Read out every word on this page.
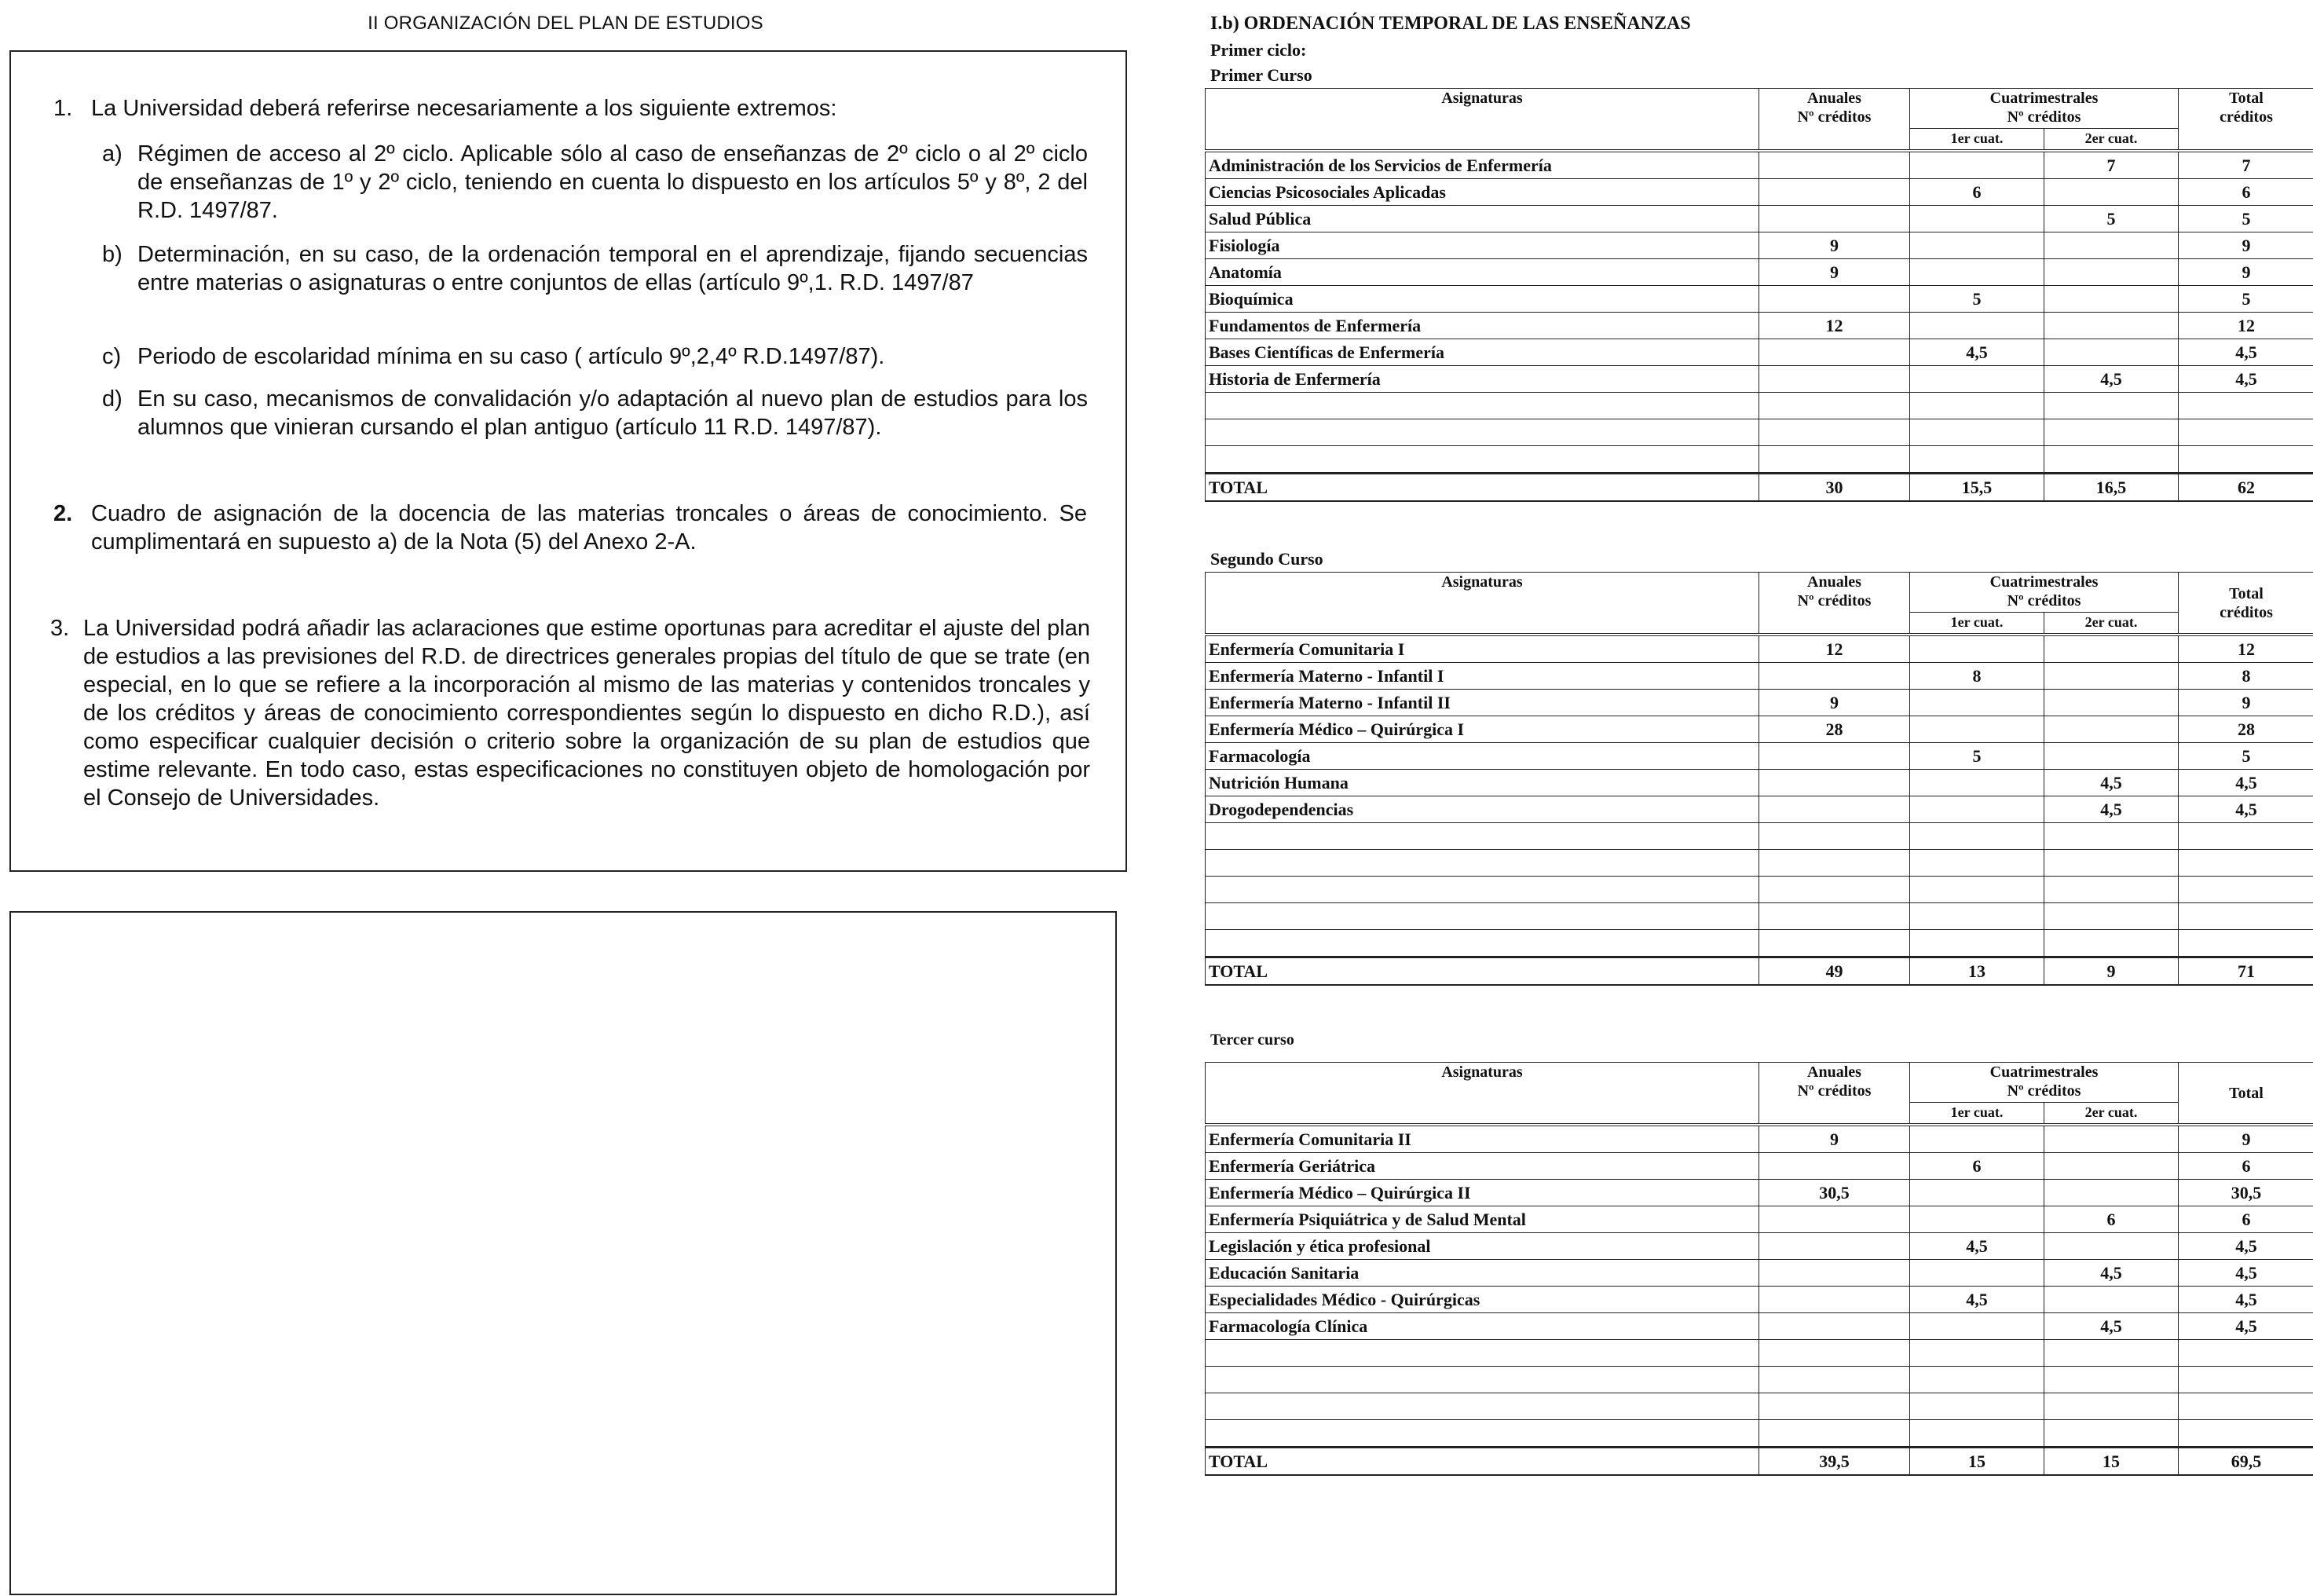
II ORGANIZACIÓN DEL PLAN DE ESTUDIOS
1. La Universidad deberá referirse necesariamente a los siguiente extremos:
a) Régimen de acceso al 2º ciclo. Aplicable sólo al caso de enseñanzas de 2º ciclo o al 2º ciclo de enseñanzas de 1º y 2º ciclo, teniendo en cuenta lo dispuesto en los artículos 5º y 8º, 2 del R.D. 1497/87.
b) Determinación, en su caso, de la ordenación temporal en el aprendizaje, fijando secuencias entre materias o asignaturas o entre conjuntos de ellas (artículo 9º,1. R.D. 1497/87
c) Periodo de escolaridad mínima en su caso ( artículo 9º,2,4º R.D.1497/87).
d) En su caso, mecanismos de convalidación y/o adaptación al nuevo plan de estudios para los alumnos que vinieran cursando el plan antiguo (artículo 11 R.D. 1497/87).
2. Cuadro de asignación de la docencia de las materias troncales o áreas de conocimiento. Se cumplimentará en supuesto a) de la Nota (5) del Anexo 2-A.
3. La Universidad podrá añadir las aclaraciones que estime oportunas para acreditar el ajuste del plan de estudios a las previsiones del R.D. de directrices generales propias del título de que se trate (en especial, en lo que se refiere a la incorporación al mismo de las materias y contenidos troncales y de los créditos y áreas de conocimiento correspondientes según lo dispuesto en dicho R.D.), así como especificar cualquier decisión o criterio sobre la organización de su plan de estudios que estime relevante. En todo caso, estas especificaciones no constituyen objeto de homologación por el Consejo de Universidades.
I.b) ORDENACIÓN TEMPORAL DE LAS ENSEÑANZAS
Primer ciclo:
Primer Curso
Segundo Curso
Tercer curso
Asignaturas	Anuales
Nº créditos	Cuatrimestrales
Nº créditos		Total
créditos
		1er cuat.	2er cuat.	
Administración de los Servicios de Enfermería			7	7
Ciencias Psicosociales Aplicadas		6		6
Salud Pública			5	5
Fisiología	9			9
Anatomía	9			9
Bioquímica		5		5
Fundamentos de Enfermería	12			12
Bases Científicas de Enfermería		4,5		4,5
Historia de Enfermería			4,5	4,5

TOTAL	30	15,5	16,5	62
Asignaturas	Anuales
Nº créditos	Cuatrimestrales
Nº créditos		Total
créditos
		1er cuat.	2er cuat.	
Enfermería Comunitaria I	12			12
Enfermería Materno - Infantil I		8		8
Enfermería Materno - Infantil II	9			9
Enfermería Médico – Quirúrgica I	28			28
Farmacología		5		5
Nutrición Humana			4,5	4,5
Drogodependencias			4,5	4,5

TOTAL	49	13	9	71
Asignaturas	Anuales
Nº créditos	Cuatrimestrales
Nº créditos		Total

		1er cuat.	2er cuat.	
Enfermería Comunitaria II	9			9
Enfermería Geriátrica		6		6
Enfermería Médico – Quirúrgica II	30,5			30,5
Enfermería Psiquiátrica y de Salud Mental			6	6
Legislación y ética profesional		4,5		4,5
Educación Sanitaria			4,5	4,5
Especialidades Médico - Quirúrgicas		4,5		4,5
Farmacología Clínica			4,5	4,5

TOTAL	39,5	15	15	69,5
